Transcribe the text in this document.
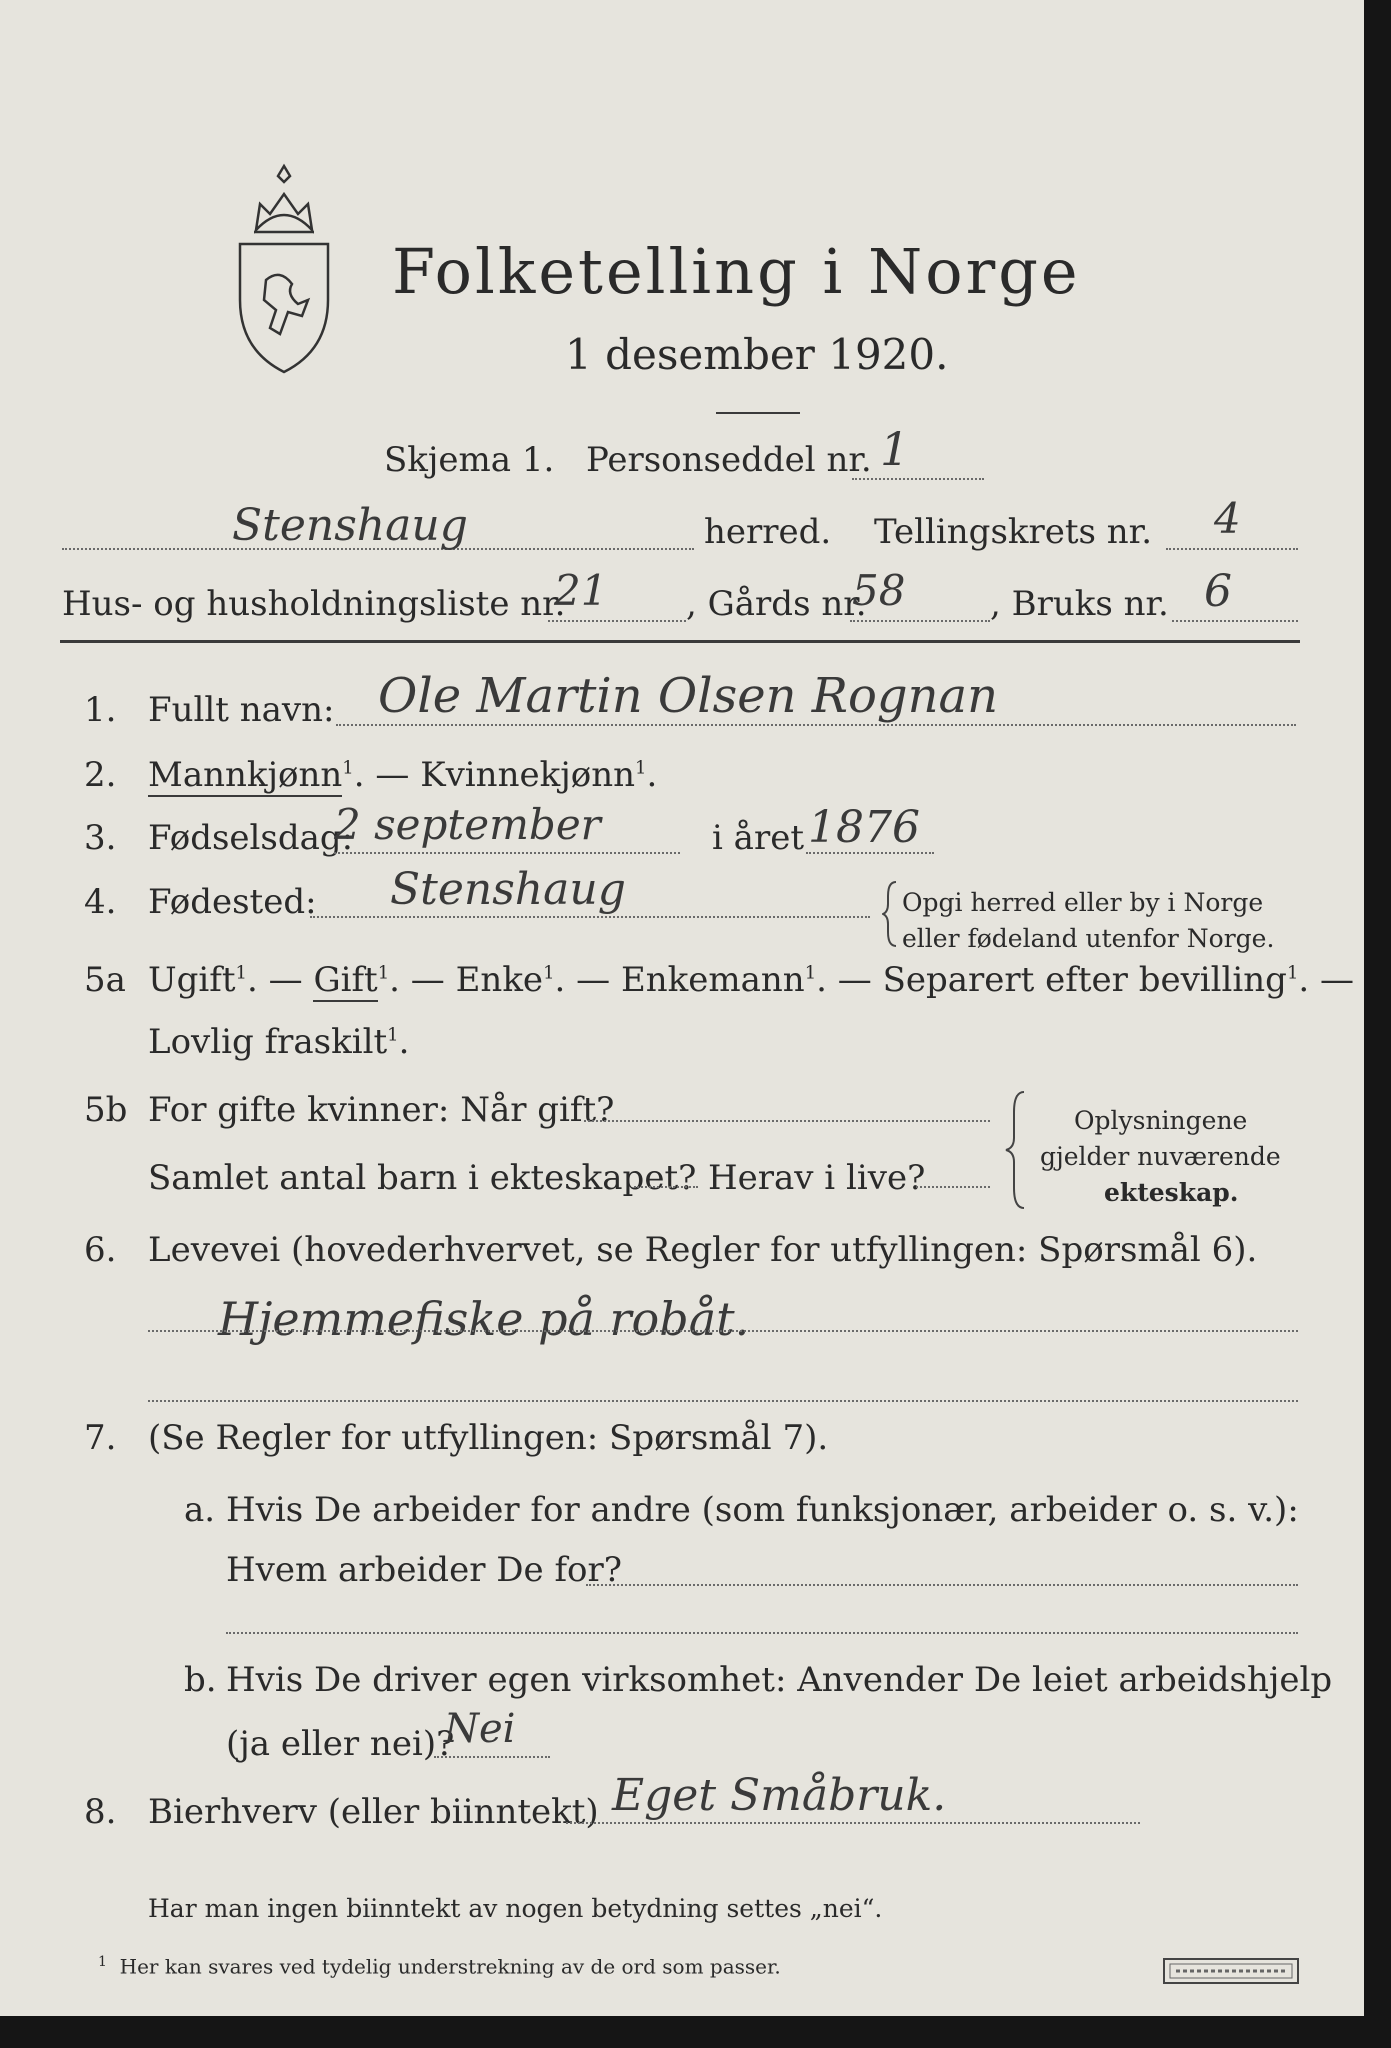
Folketelling i Norge
1 desember 1920.
Skjema 1. Personseddel nr. 1
Stenshaug	herred. Tellingskrets nr. 4
Hus- og husholdningsliste nr.
21 , Gårds nr.
58 , Bruks nr. 6
1. Fullt navn: Ole Martin Olsen Rognan
2. Mannkjønn$^1$. — Kvinnekjønn$^1$.
3. Fødselsdag:
2 september	i året 1876
4. Fødested: Stenshaug	Opgi herred eller by i Norge
eller fødeland utenfor Norge.
5a Ugift$^1$. — Gift$^1$. — Enke$^1$. — Enkemann$^1$. — Separert efter bevilling$^1$. —
Lovlig fraskilt$^1$.
5b For gifte kvinner: Når gift?
Samlet antal barn i ekteskapet? Herav i live?
Oplysningene
gjelder nuværende
ekteskap.
6. Levevei (hovederhvervet, se Regler for utfyllingen: Spørsmål 6).
Hjemmefiske på robåt.
7. (Se Regler for utfyllingen: Spørsmål 7).
a. Hvis De arbeider for andre (som funksjonær, arbeider o. s. v.):
Hvem arbeider De for?
b. Hvis De driver egen virksomhet: Anvender De leiet arbeidshjelp
(ja eller nei)?
Nei
8. Bierhverv (eller biinntekt) Eget Småbruk.
Har man ingen biinntekt av nogen betydning settes „nei“.
$^1$ Her kan svares ved tydelig understrekning av de ord som passer.
